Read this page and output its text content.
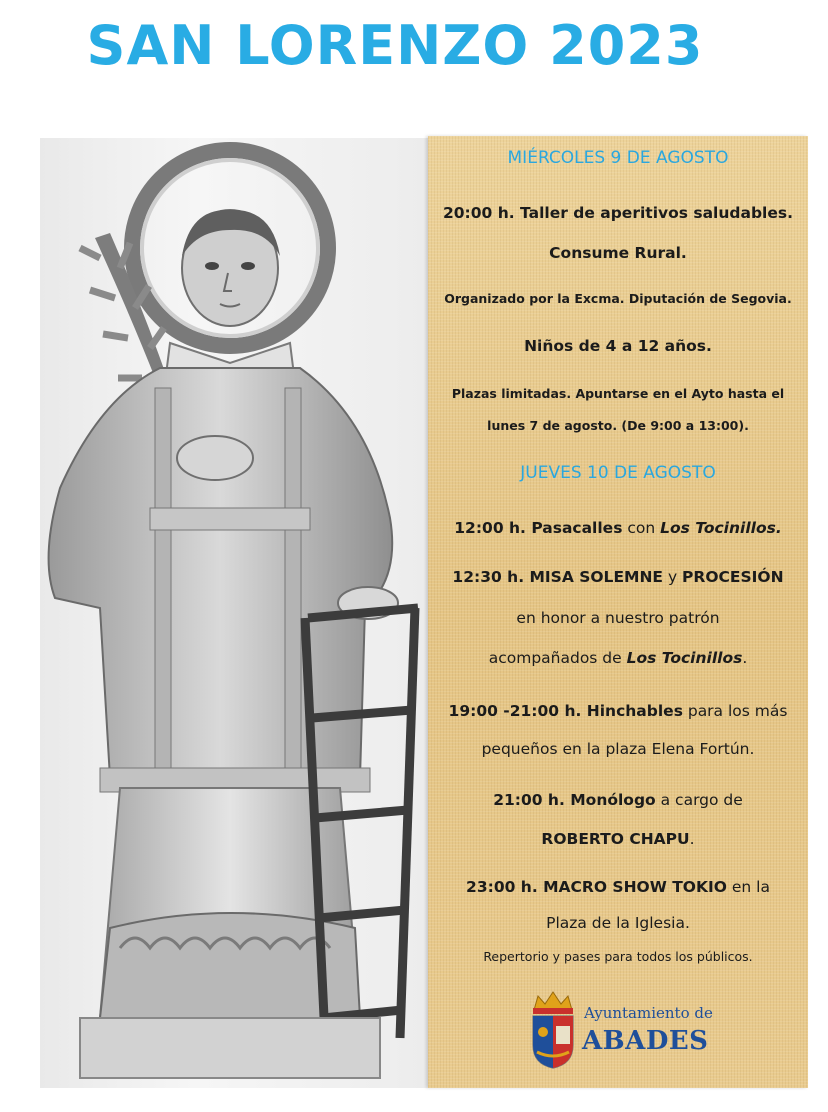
SAN LORENZO 2023
MIÉRCOLES 9 DE AGOSTO
20:00 h. Taller de aperitivos saludables.
Consume Rural.
Organizado por la Excma. Diputación de Segovia.
Niños de 4 a 12 años.
Plazas limitadas. Apuntarse en el Ayto hasta el
lunes 7 de agosto. (De 9:00 a 13:00).
JUEVES 10 DE AGOSTO
12:00 h. Pasacalles con Los Tocinillos.
12:30 h. MISA SOLEMNE y PROCESIÓN
en honor a nuestro patrón
acompañados de Los Tocinillos.
19:00 -21:00 h. Hinchables para los más
pequeños en la plaza Elena Fortún.
21:00 h. Monólogo a cargo de
ROBERTO CHAPU.
23:00 h. MACRO SHOW TOKIO en la
Plaza de la Iglesia.
Repertorio y pases para todos los públicos.
Ayuntamiento de
ABADES
